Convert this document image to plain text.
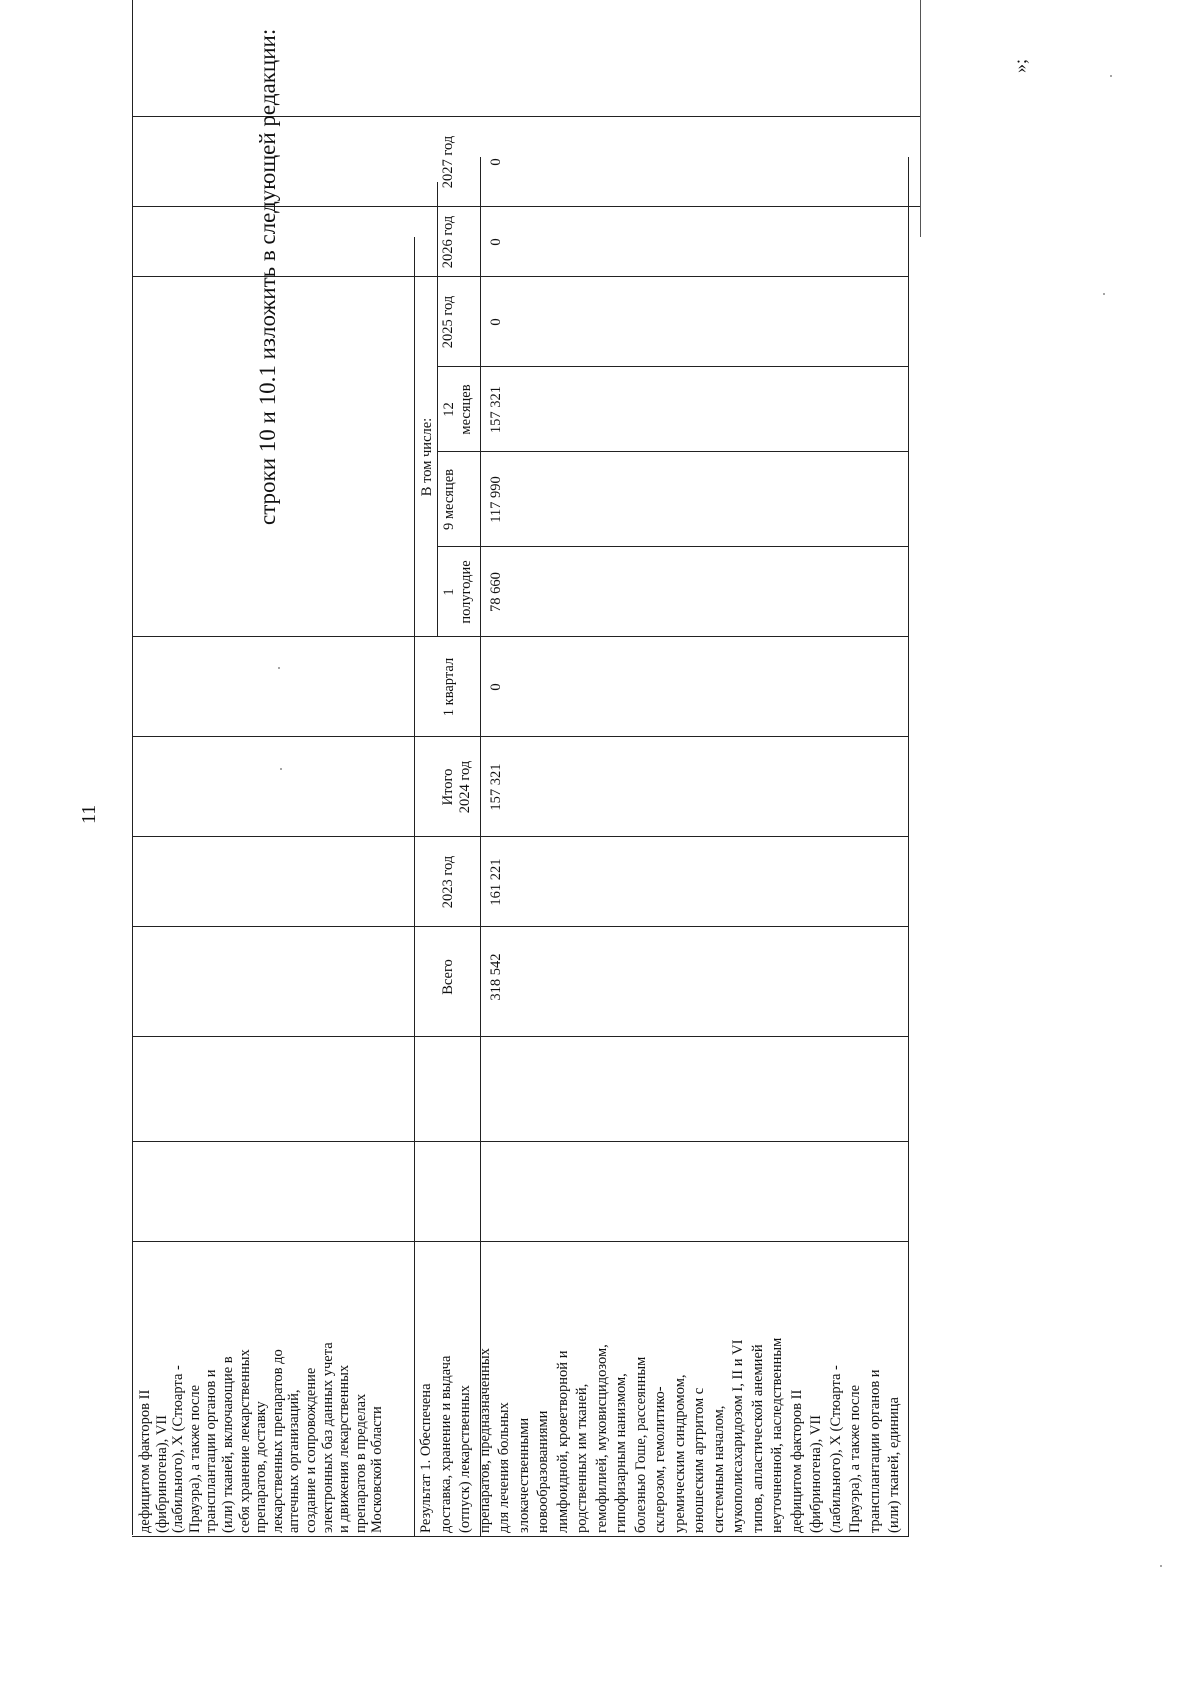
11
дефицитом факторов II (фибриногена), VII (лабильного), X (Стюарта - Прауэра), а также после трансплантации органов и (или) тканей, включающие в себя хранение лекарственных препаратов, доставку лекарственных препаратов до аптечных организаций, создание и сопровождение электронных баз данных учета и движения лекарственных препаратов в пределах Московской области Результат 1. Обеспечена доставка, хранение и выдача (отпуск) лекарственных препаратов, предназначенных для лечения больных злокачественными новообразованиями лимфоидной, кроветворной и родственных им тканей, гемофилией, муковисцидозом, гипофизарным нанизмом, болезнью Гоше, рассеянным склерозом, гемолитико- уремическим синдромом, юношеским артритом с системным началом, мукополисахаридозом I, II и VI типов, апластической анемией неуточненной, наследственным дефицитом факторов II (фибриногена), VII (лабильного), X (Стюарта - Прауэра), а также после трансплантации органов и (или) тканей, единица
Всего
2023 год
Итого 2024 год
В том числе:
1 квартал
1 полугодие
9 месяцев
12 месяцев
2025 год
2026 год
2027 год
318 542
161 221
157 321
0
78 660
117 990
157 321
0
0
0
строки 10 и 10.1 изложить в следующей редакции:	»;
